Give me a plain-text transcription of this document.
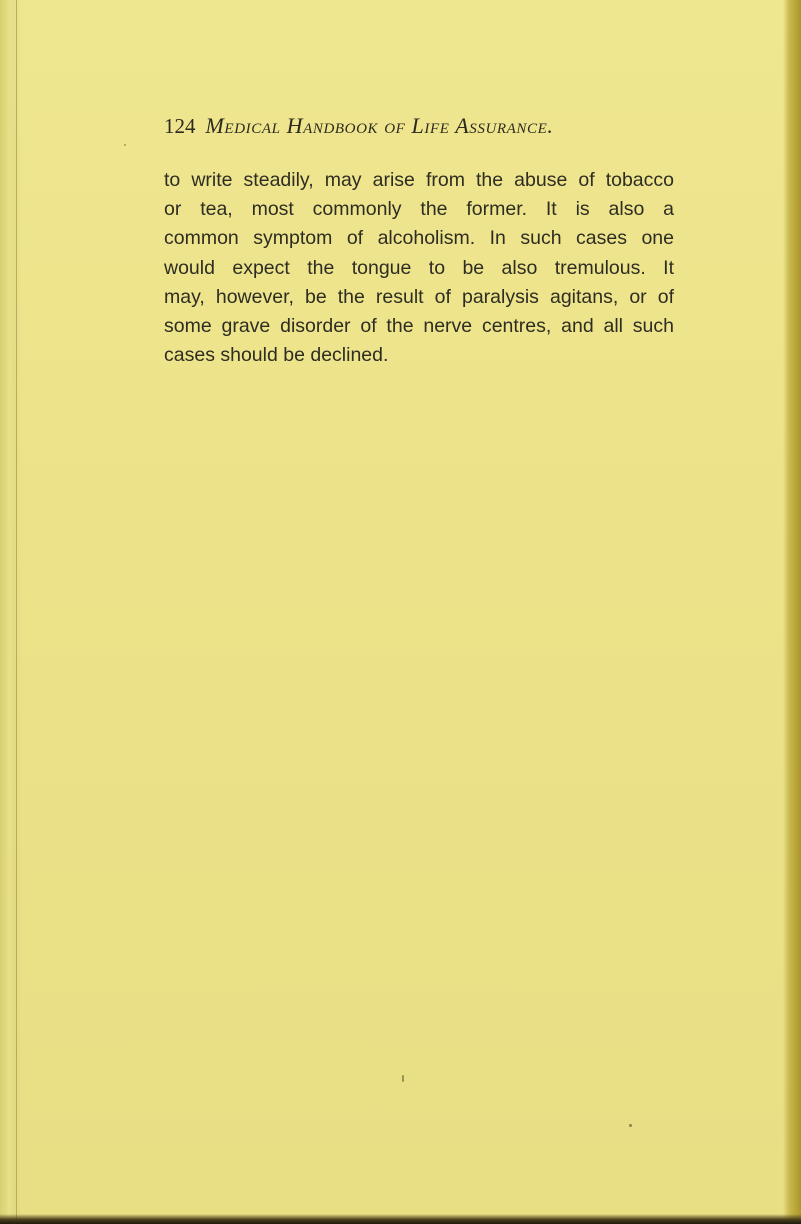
124 Medical Handbook of Life Assurance.
to write steadily, may arise from the abuse of tobacco
or tea, most commonly the former. It is also a
common symptom of alcoholism. In such cases one
would expect the tongue to be also tremulous. It
may, however, be the result of paralysis agitans, or of
some grave disorder of the nerve centres, and all such
cases should be declined.
